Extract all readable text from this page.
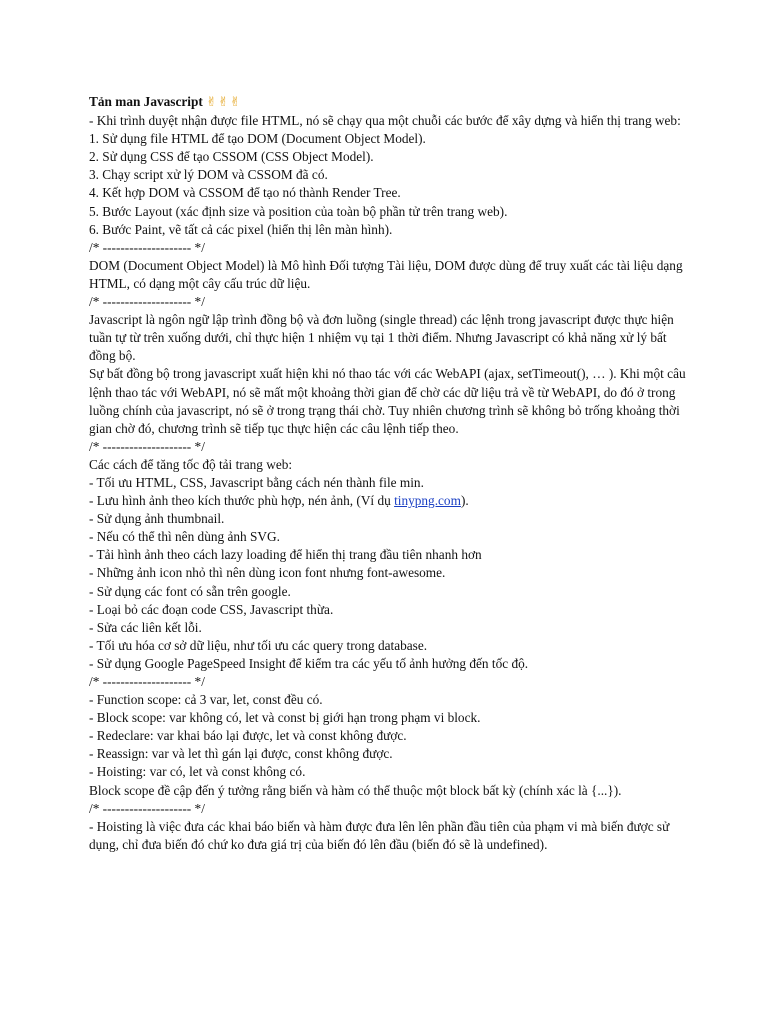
Tản man Javascript ✌✌✌

- Khi trình duyệt nhận được file HTML, nó sẽ chạy qua một chuỗi các bước để xây dựng và hiển thị trang web:

1. Sử dụng file HTML để tạo DOM (Document Object Model).

2. Sử dụng CSS để tạo CSSOM (CSS Object Model).

3. Chạy script xử lý DOM và CSSOM đã có.

4. Kết hợp DOM và CSSOM để tạo nó thành Render Tree.

5. Bước Layout (xác định size và position của toàn bộ phần tử trên trang web).

6. Bước Paint, vẽ tất cả các pixel (hiển thị lên màn hình).

/* -------------------- */

DOM (Document Object Model) là Mô hình Đối tượng Tài liệu, DOM được dùng để truy xuất các tài liệu dạng HTML, có dạng một cây cấu trúc dữ liệu.

/* -------------------- */

Javascript là ngôn ngữ lập trình đồng bộ và đơn luồng (single thread) các lệnh trong javascript được thực hiện tuần tự từ trên xuống dưới, chỉ thực hiện 1 nhiệm vụ tại 1 thời điểm. Nhưng Javascript có khả năng xử lý bất đồng bộ.

Sự bất đồng bộ trong javascript xuất hiện khi nó thao tác với các WebAPI (ajax, setTimeout(), … ). Khi một câu lệnh thao tác với WebAPI, nó sẽ mất một khoảng thời gian để chờ các dữ liệu trả về từ WebAPI, do đó ở trong luồng chính của javascript, nó sẽ ở trong trạng thái chờ. Tuy nhiên chương trình sẽ không bỏ trống khoảng thời gian chờ đó, chương trình sẽ tiếp tục thực hiện các câu lệnh tiếp theo.

/* -------------------- */

Các cách để tăng tốc độ tải trang web:

- Tối ưu HTML, CSS, Javascript bằng cách nén thành file min.

- Lưu hình ảnh theo kích thước phù hợp, nén ảnh, (Ví dụ tinypng.com).

- Sử dụng ảnh thumbnail.

- Nếu có thể thì nên dùng ảnh SVG.

- Tải hình ảnh theo cách lazy loading để hiển thị trang đầu tiên nhanh hơn

- Những ảnh icon nhỏ thì nên dùng icon font nhưng font-awesome.

- Sử dụng các font có sẵn trên google.

- Loại bỏ các đoạn code CSS, Javascript thừa.

- Sửa các liên kết lỗi.

- Tối ưu hóa cơ sở dữ liệu, như tối ưu các query trong database.

- Sử dụng Google PageSpeed Insight để kiểm tra các yếu tố ảnh hưởng đến tốc độ.

/* -------------------- */

- Function scope: cả 3 var, let, const đều có.

- Block scope: var không có, let và const bị giới hạn trong phạm vi block.

- Redeclare: var khai báo lại được, let và const không được.

- Reassign: var và let thì gán lại được, const không được.

- Hoisting: var có, let và const không có.

Block scope đề cập đến ý tưởng rằng biến và hàm có thể thuộc một block bất kỳ (chính xác là {...}).

/* -------------------- */

- Hoisting là việc đưa các khai báo biến và hàm được đưa lên lên phần đầu tiên của phạm vi mà biến được sử dụng, chỉ đưa biến đó chứ ko đưa giá trị của biến đó lên đầu (biến đó sẽ là undefined).
